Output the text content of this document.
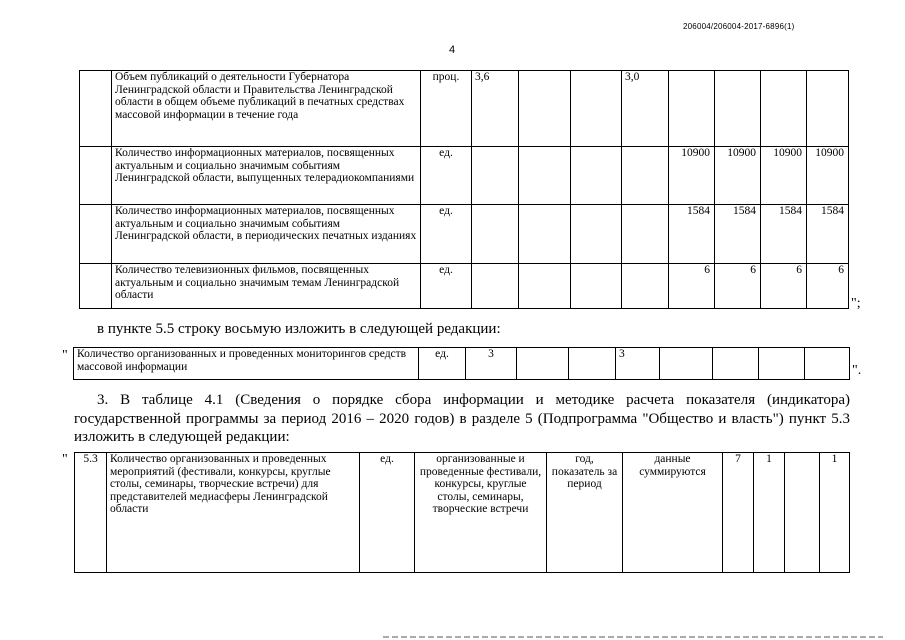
206004/206004-2017-6896(1)
4
	Объем публикаций о деятельности Губернатора Ленинградской области и Правительства Ленинградской области в общем объеме публикаций в печатных средствах массовой информации в течение года	проц.	3,6			3,0				
	Количество информационных материалов, посвященных актуальным и социально значимым событиям Ленинградской области, выпущенных телерадиокомпаниями	ед.					10900	10900	10900	10900
	Количество информационных материалов, посвященных актуальным и социально значимым событиям Ленинградской области, в периодических печатных изданиях	ед.					1584	1584	1584	1584
	Количество телевизионных фильмов, посвященных актуальным и социально значимым темам Ленинградской области	ед.					6	6	6	6
";

в пункте 5.5 строку восьмую изложить в следующей редакции:

" Количество организованных и проведенных мониторингов средств массовой информации	ед.	3			3				
".

3. В таблице 4.1 (Сведения о порядке сбора информации и методике расчета показателя (индикатора) государственной программы за период 2016 – 2020 годов) в разделе 5 (Подпрограмма "Общество и власть") пункт 5.3 изложить в следующей редакции:

" 5.3	Количество организованных и проведенных мероприятий (фестивали, конкурсы, круглые столы, семинары, творческие встречи) для представителей медиасферы Ленинградской области	ед.	организованные и проведенные фестивали, конкурсы, круглые столы, семинары, творческие встречи	год, показатель за период	данные суммируются	7	1		1
